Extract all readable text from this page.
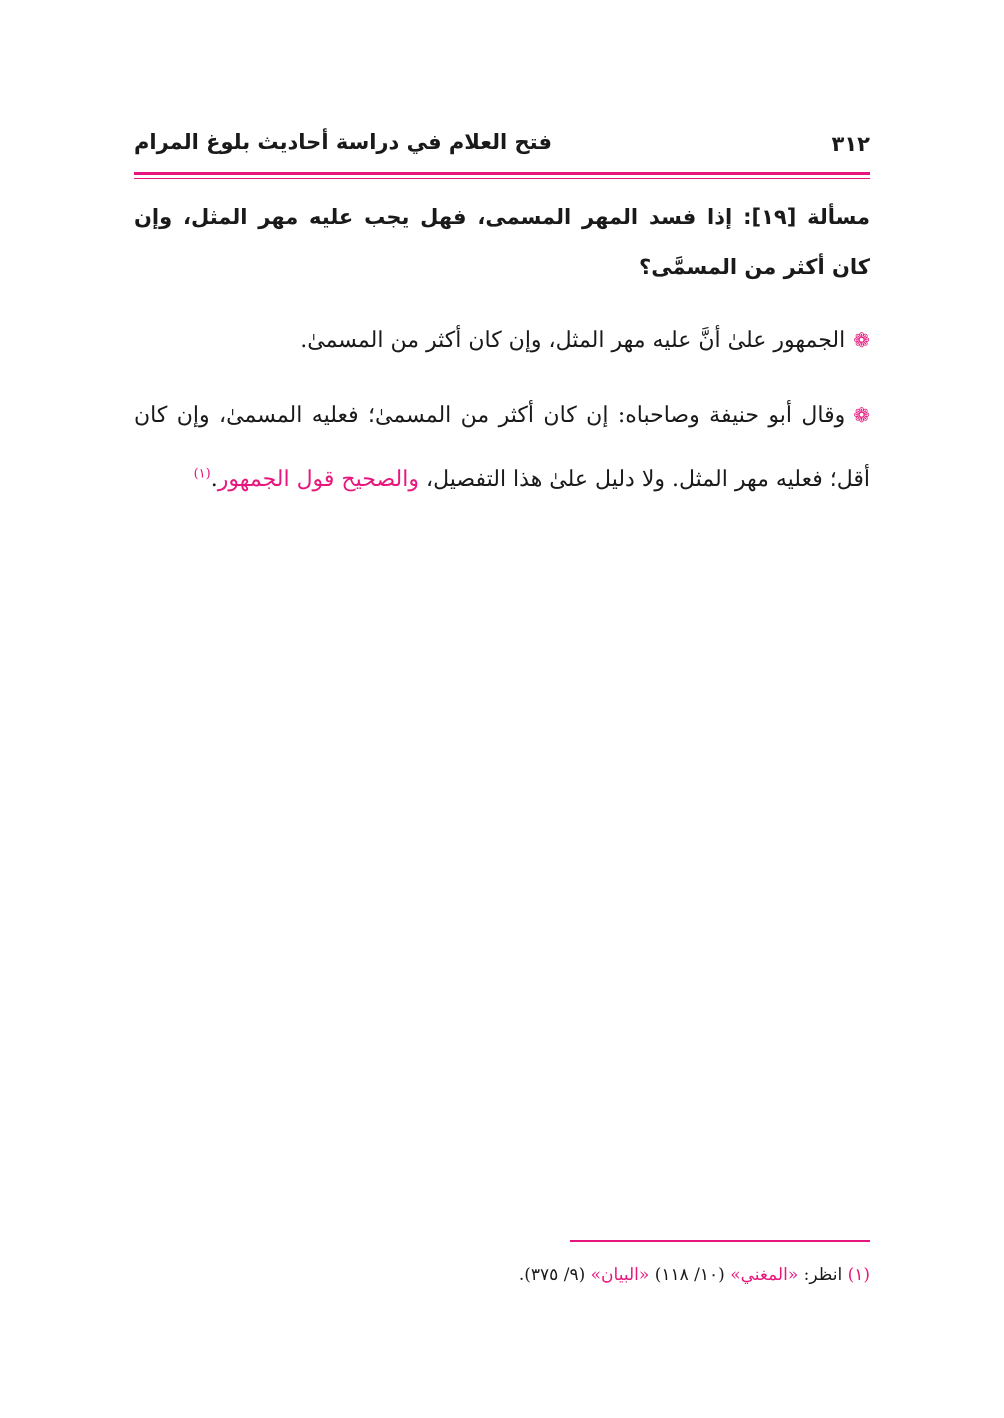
٣١٢
فتح العلام في دراسة أحاديث بلوغ المرام

مسألة [١٩]: إذا فسد المهر المسمى، فهل يجب عليه مهر المثل، وإن كان أكثر من المسمَّى؟

❁الجمهور علىٰ أنَّ عليه مهر المثل، وإن كان أكثر من المسمىٰ.

❁وقال أبو حنيفة وصاحباه: إن كان أكثر من المسمىٰ؛ فعليه المسمىٰ، وإن كان أقل؛ فعليه مهر المثل. ولا دليل علىٰ هذا التفصيل، والصحيح قول الجمهور.$^{(١)}$

(١) انظر: «المغني» (١٠/ ١١٨) «البيان» (٩/ ٣٧٥).
